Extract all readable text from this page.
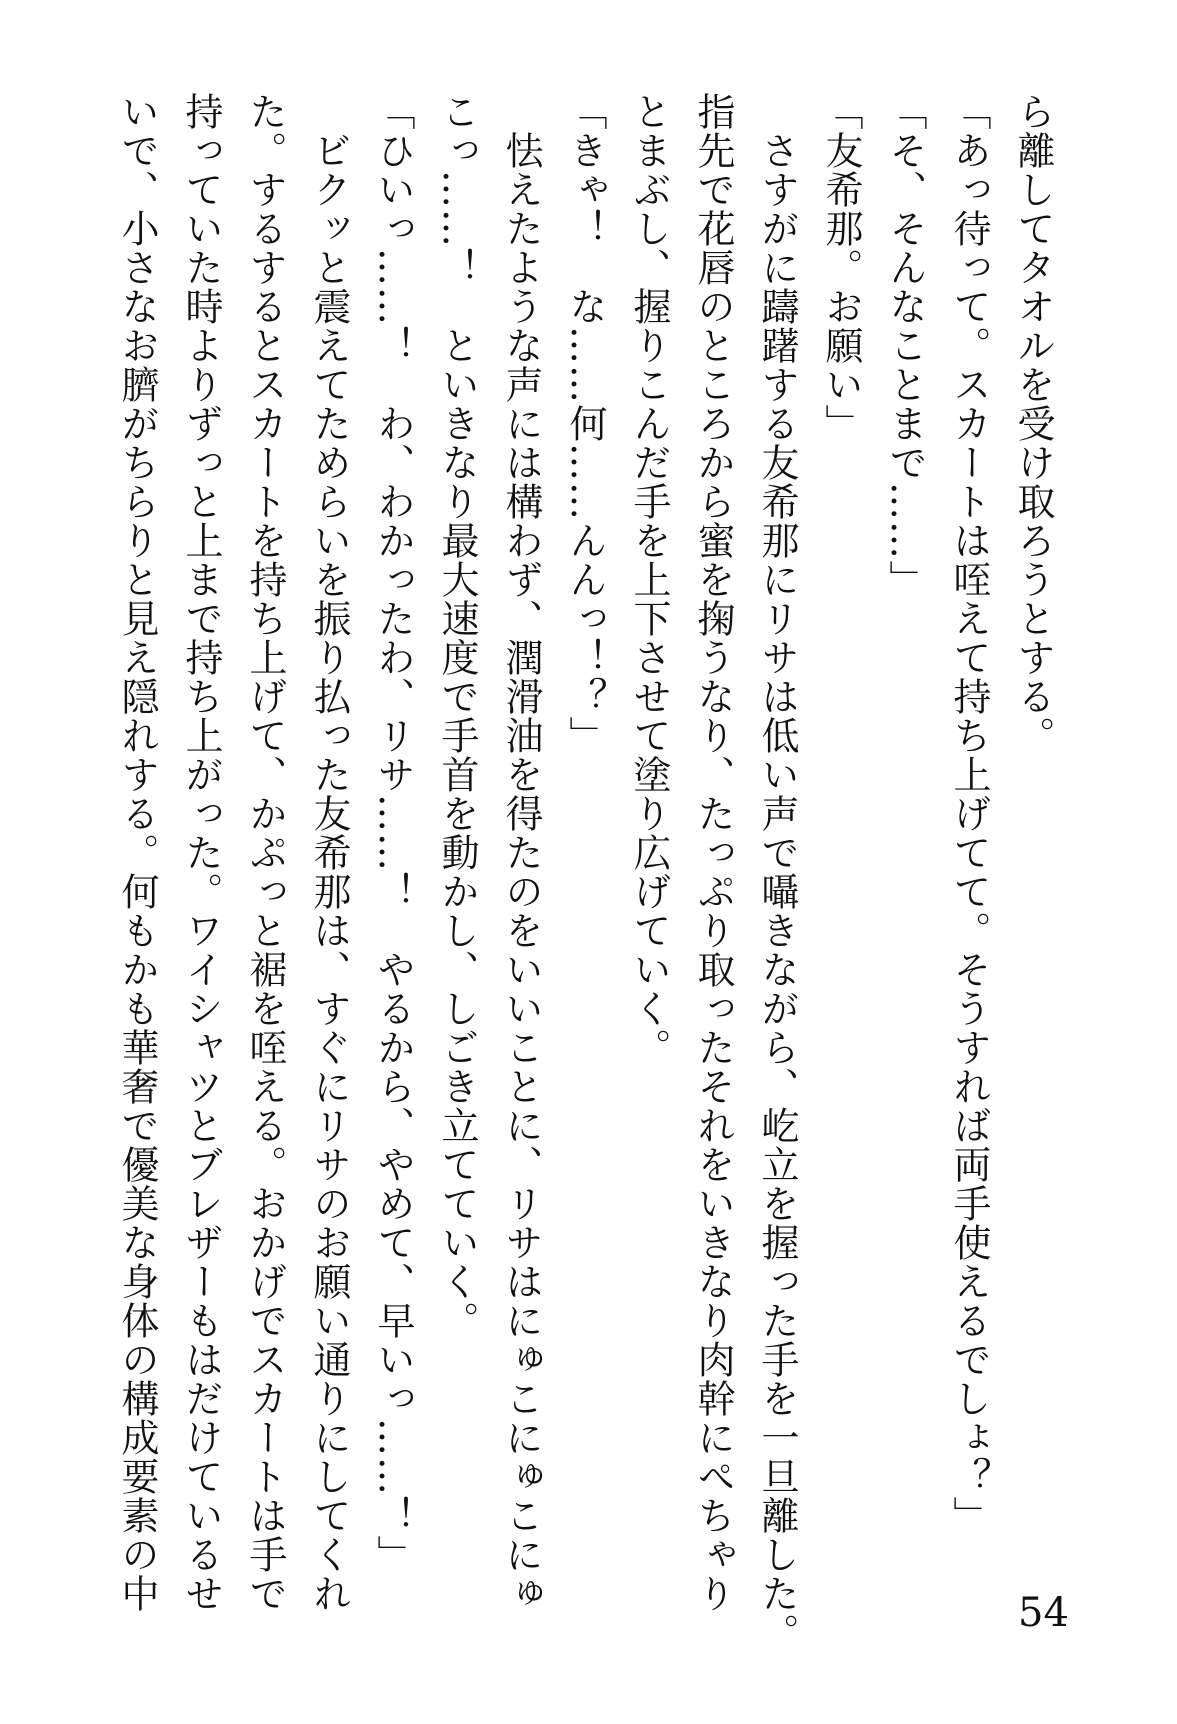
ら離してタオルを受け取ろうとする。

「あっ待って。スカートは咥えて持ち上げてて。そうすれば両手使えるでしょ？」

「そ、そんなことまで……」

「友希那。お願い」

　さすがに躊躇する友希那にリサは低い声で囁きながら、屹立を握った手を一旦離した。

指先で花唇のところから蜜を掬うなり、たっぷり取ったそれをいきなり肉幹にぺちゃり

とまぶし、握りこんだ手を上下させて塗り広げていく。

「きゃ！　な……何……んんっ！？」

　怯えたような声には構わず、潤滑油を得たのをいいことに、リサはにゅこにゅこにゅ

こっ……！　といきなり最大速度で手首を動かし、しごき立てていく。

「ひいっ……！　わ、わかったわ、リサ……！　やるから、やめて、早いっ……！」

　ビクッと震えてためらいを振り払った友希那は、すぐにリサのお願い通りにしてくれ

た。するするとスカートを持ち上げて、かぷっと裾を咥える。おかげでスカートは手で

持っていた時よりずっと上まで持ち上がった。ワイシャツとブレザーもはだけているせ

いで、小さなお臍がちらりと見え隠れする。何もかも華奢で優美な身体の構成要素の中	54
